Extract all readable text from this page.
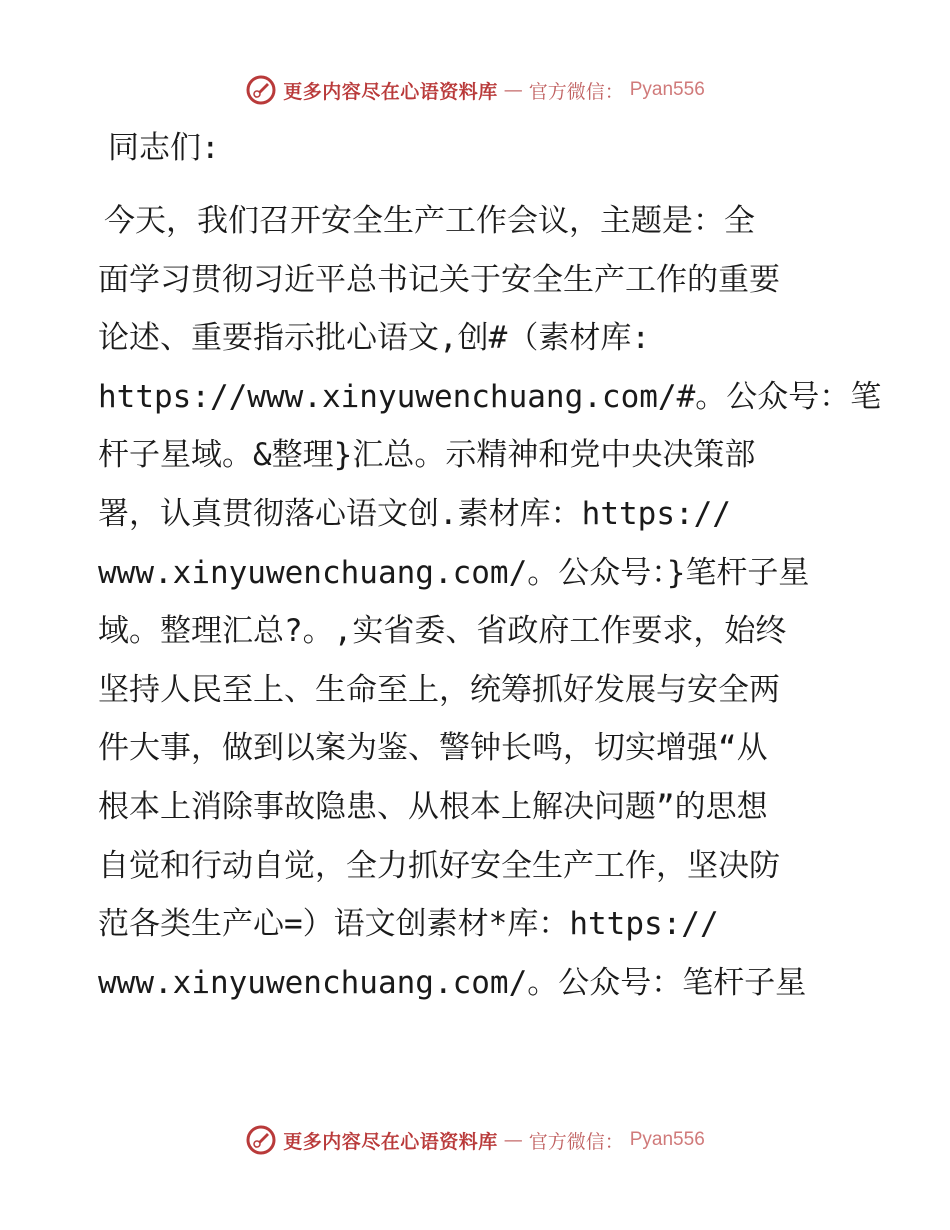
更多内容尽在心语资料库 — 官方微信： Pyan556

同志们:

今天，我们召开安全生产工作会议，主题是：全

面学习贯彻习近平总书记关于安全生产工作的重要

论述、重要指示批心语文,创#（素材库:

https://www.xinyuwenchuang.com/#。公众号：笔

杆子星域。&整理}汇总。示精神和党中央决策部

署，认真贯彻落心语文创.素材库：https://

www.xinyuwenchuang.com/。公众号：}笔杆子星

域。整理汇总?。,实省委、省政府工作要求，始终

坚持人民至上、生命至上，统筹抓好发展与安全两

件大事，做到以案为鉴、警钟长鸣，切实增强“从

根本上消除事故隐患、从根本上解决问题”的思想

自觉和行动自觉，全力抓好安全生产工作，坚决防

范各类生产心=）语文创素材*库：https://

www.xinyuwenchuang.com/。公众号：笔杆子星

更多内容尽在心语资料库 — 官方微信： Pyan556
